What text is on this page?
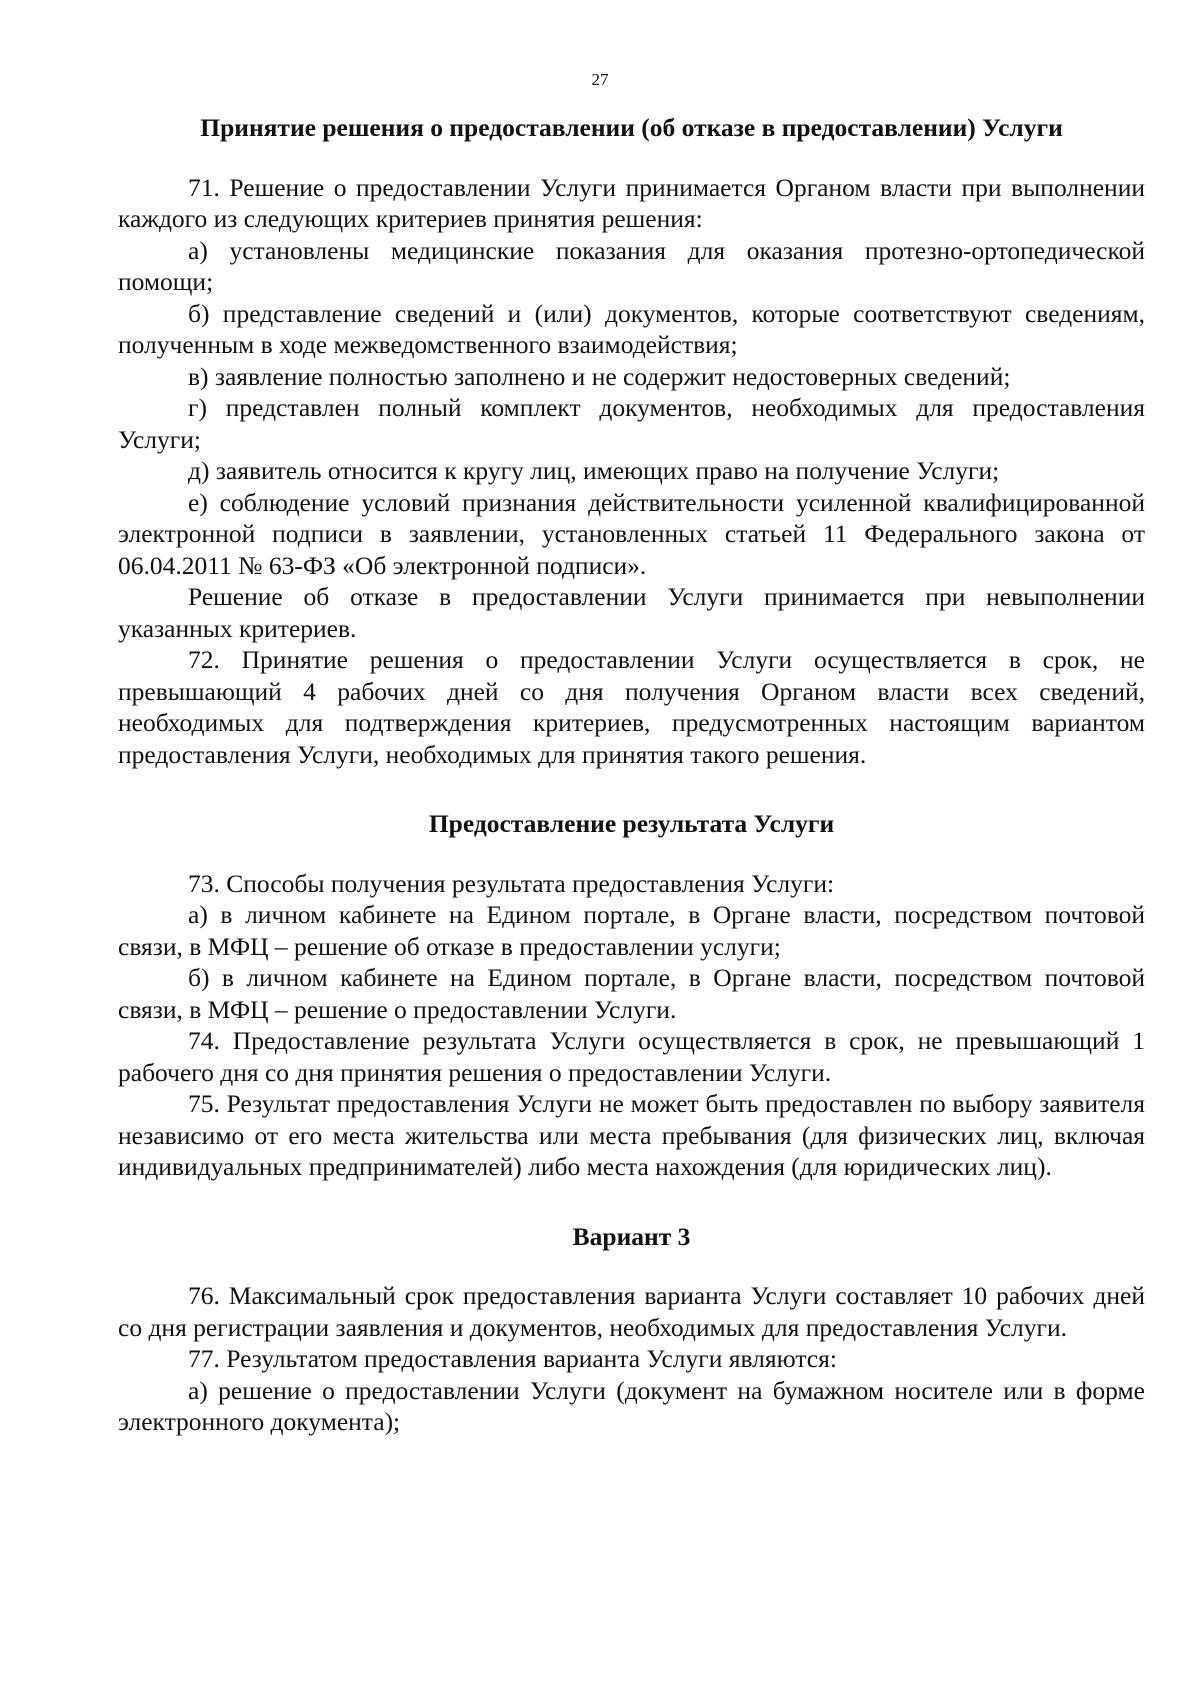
27
Принятие решения о предоставлении (об отказе в предоставлении) Услуги

71. Решение о предоставлении Услуги принимается Органом власти при выполнении каждого из следующих критериев принятия решения:

а) установлены медицинские показания для оказания протезно-ортопедической помощи;

б) представление сведений и (или) документов, которые соответствуют сведениям, полученным в ходе межведомственного взаимодействия;

в) заявление полностью заполнено и не содержит недостоверных сведений;

г) представлен полный комплект документов, необходимых для предоставления Услуги;

д) заявитель относится к кругу лиц, имеющих право на получение Услуги;

е) соблюдение условий признания действительности усиленной квалифицированной электронной подписи в заявлении, установленных статьей 11 Федерального закона от 06.04.2011 № 63-ФЗ «Об электронной подписи».

Решение об отказе в предоставлении Услуги принимается при невыполнении указанных критериев.

72. Принятие решения о предоставлении Услуги осуществляется в срок, не превышающий 4 рабочих дней со дня получения Органом власти всех сведений, необходимых для подтверждения критериев, предусмотренных настоящим вариантом предоставления Услуги, необходимых для принятия такого решения.

Предоставление результата Услуги

73. Способы получения результата предоставления Услуги:

а) в личном кабинете на Едином портале, в Органе власти, посредством почтовой связи, в МФЦ – решение об отказе в предоставлении услуги;

б) в личном кабинете на Едином портале, в Органе власти, посредством почтовой связи, в МФЦ – решение о предоставлении Услуги.

74. Предоставление результата Услуги осуществляется в срок, не превышающий 1 рабочего дня со дня принятия решения о предоставлении Услуги.

75. Результат предоставления Услуги не может быть предоставлен по выбору заявителя независимо от его места жительства или места пребывания (для физических лиц, включая индивидуальных предпринимателей) либо места нахождения (для юридических лиц).

Вариант 3

76. Максимальный срок предоставления варианта Услуги составляет 10 рабочих дней со дня регистрации заявления и документов, необходимых для предоставления Услуги.

77. Результатом предоставления варианта Услуги являются:

а) решение о предоставлении Услуги (документ на бумажном носителе или в форме электронного документа);
